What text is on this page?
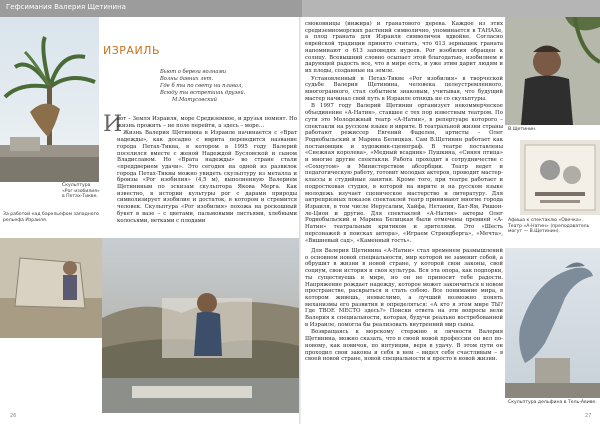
Гефсимания Валерия Щетинина
Скульптура «Рог изобилия» в Петах-Тикве.
За работой над барельефом западного рельефа Израиля.
ИЗРАИЛЬ
Бьют о берега волнами
Волны давних лет.
Где б ты по свету ни плавал,
Всюду ты встретишь друзей.
М.Матусовский
И

вот – Земля Израиля, море Средиземное, и друзья помнят. Но жизнь прожить – не поле перейти, а здесь – море…

Жизнь Валерия Щетинина в Израиле начинается с «Врат надежды», как досадно с иврита переводится название города Петах-Тиква, в котором в 1995 году Валерий поселился вместе с женой Надеждой Бусловской и сыном Владиславом. Но «Врата надежды» во стране стали «преддверием удачи». Это сегодня на одной из развилок города Петах-Тиквы можно увидеть скульптуру из металла и бронзы «Рог изобилия» (4,5 м), выполненную Валерием Щетининым по эскизам скульптора Якова Мерга. Как известно, в истории культуры рог с дарами природы символизирует изобилие и достаток, в котором и стремится человек. Скульптура «Рог изобилия» похожа на роскошный букет в вазе – с цветами, пальмовыми листьями, хлебными колосьями, ветками с плодами

26

смоковницы (инжира) и гранатового дерева. Каждое из этих средиземноморских растений символично, упоминается в ТАНАХе, а плод граната для Израиля символичен вдвойне. Согласно еврейской традиции принято считать, что 613 зернышек граната напоминают о 613 заповедях иудеев. Рог изобилия обращен к солнцу. Всевышний словно осыпает этой благодатью, изобилием и дарующей радость все, что в мире есть, и уже этим дарит людям и их плоды, созданные на земле.

Установленный в Петах-Тикве «Рог изобилия» в творческой судьбе Валерия Щетинина, человека целеустремленного, многогранного, стал событием знаковым, учитывая, что будущий мастер начинал свой путь в Израиле отнюдь не со скульптуры.

В 1997 году Валерий Щетинин организует некоммерческое объединение «А-Натин», ставшее с тех пор известным театром. По сути это Молодежный театр «А-Натин», в репертуаре которого – спектакли на русском языке и иврите. В театральной жизни страны работают режиссер Евгений Фаделен, артисты – Олег Роднобыльский и Марина Белицкая. Сам В.Щетинин работает как постановщик и художник-сценограф. В театре поставлены «Снежная королева», «Медный всадник» Пушкина, «Синяя птица» и многие другие спектакли. Работа проходит в сотрудничестве с «Сохнутом» и Министерством абсорбции. Театр ведет и педагогическую работу, готовит молодых актеров, проводит мастер-классы и студийные занятия. Кроме того, при театре работает и подростковая студия, в которой на иврите и на русском языке молодежь изучает сценическое мастерство и литературу. Для антрепризных показов спектаклей театр принимают многие города Израиля, в том числе Иерусалим, Хайфа, Нетания, Бат-Ям, Ришон-ле-Цион и другие. Для спектаклей «А-Натин» актеры Олег Роднобыльский и Марина Белицкая были отмечены премией «А-Натин» театральным критиком и зрителями. Это «Шесть персонажей в поисках автора», «Играем Стриндберга», «Мечта», «Вишневый сад», «Каменный гость».

Для Валерия Щетинина «А-Натин» стал временем размышлений о основном новой специальности, мир которой не заменит собой, а обрушит в жизни в новой стране, у которой свои законы, свой социум, свои история и своя культура. Вся эта опора, как подпорки, ты существуешь в мире, но он не приносит тебе радости. Напряжение рождает надежду, которое может закончиться в новом пространстве, раскрыться и стать собою. Все понимание мира, в котором живешь, немыслимо, а лучший возможно понять механизмы его развития и определяться: «А кто я этом мире ТЫ? Где ТВОЕ МЕСТО здесь?» Поиски ответа на эти вопросы вели Валерия к специальности, которая, будучи реально востребованной в Израиле, помогла бы реализовать внутренний мир сыны.

Возвращаясь к морскому стержню и личности Валерия Щетинина, можно сказать, что в своей новой профессии он вел по-новому, как новичок, по интуиции, веря в удачу. В этом пути он проходил свои законы и себя в нем – видел себя счастливым – в своей новой стране, новой специальности и просто в новой жизни.

В.Щетинин.
Афиша к спектаклю «Овечка». Театр «А-Натин» (преподаватель могут — В.Щетинин).
Скульптура дельфина в Тель-Авиве.
27
